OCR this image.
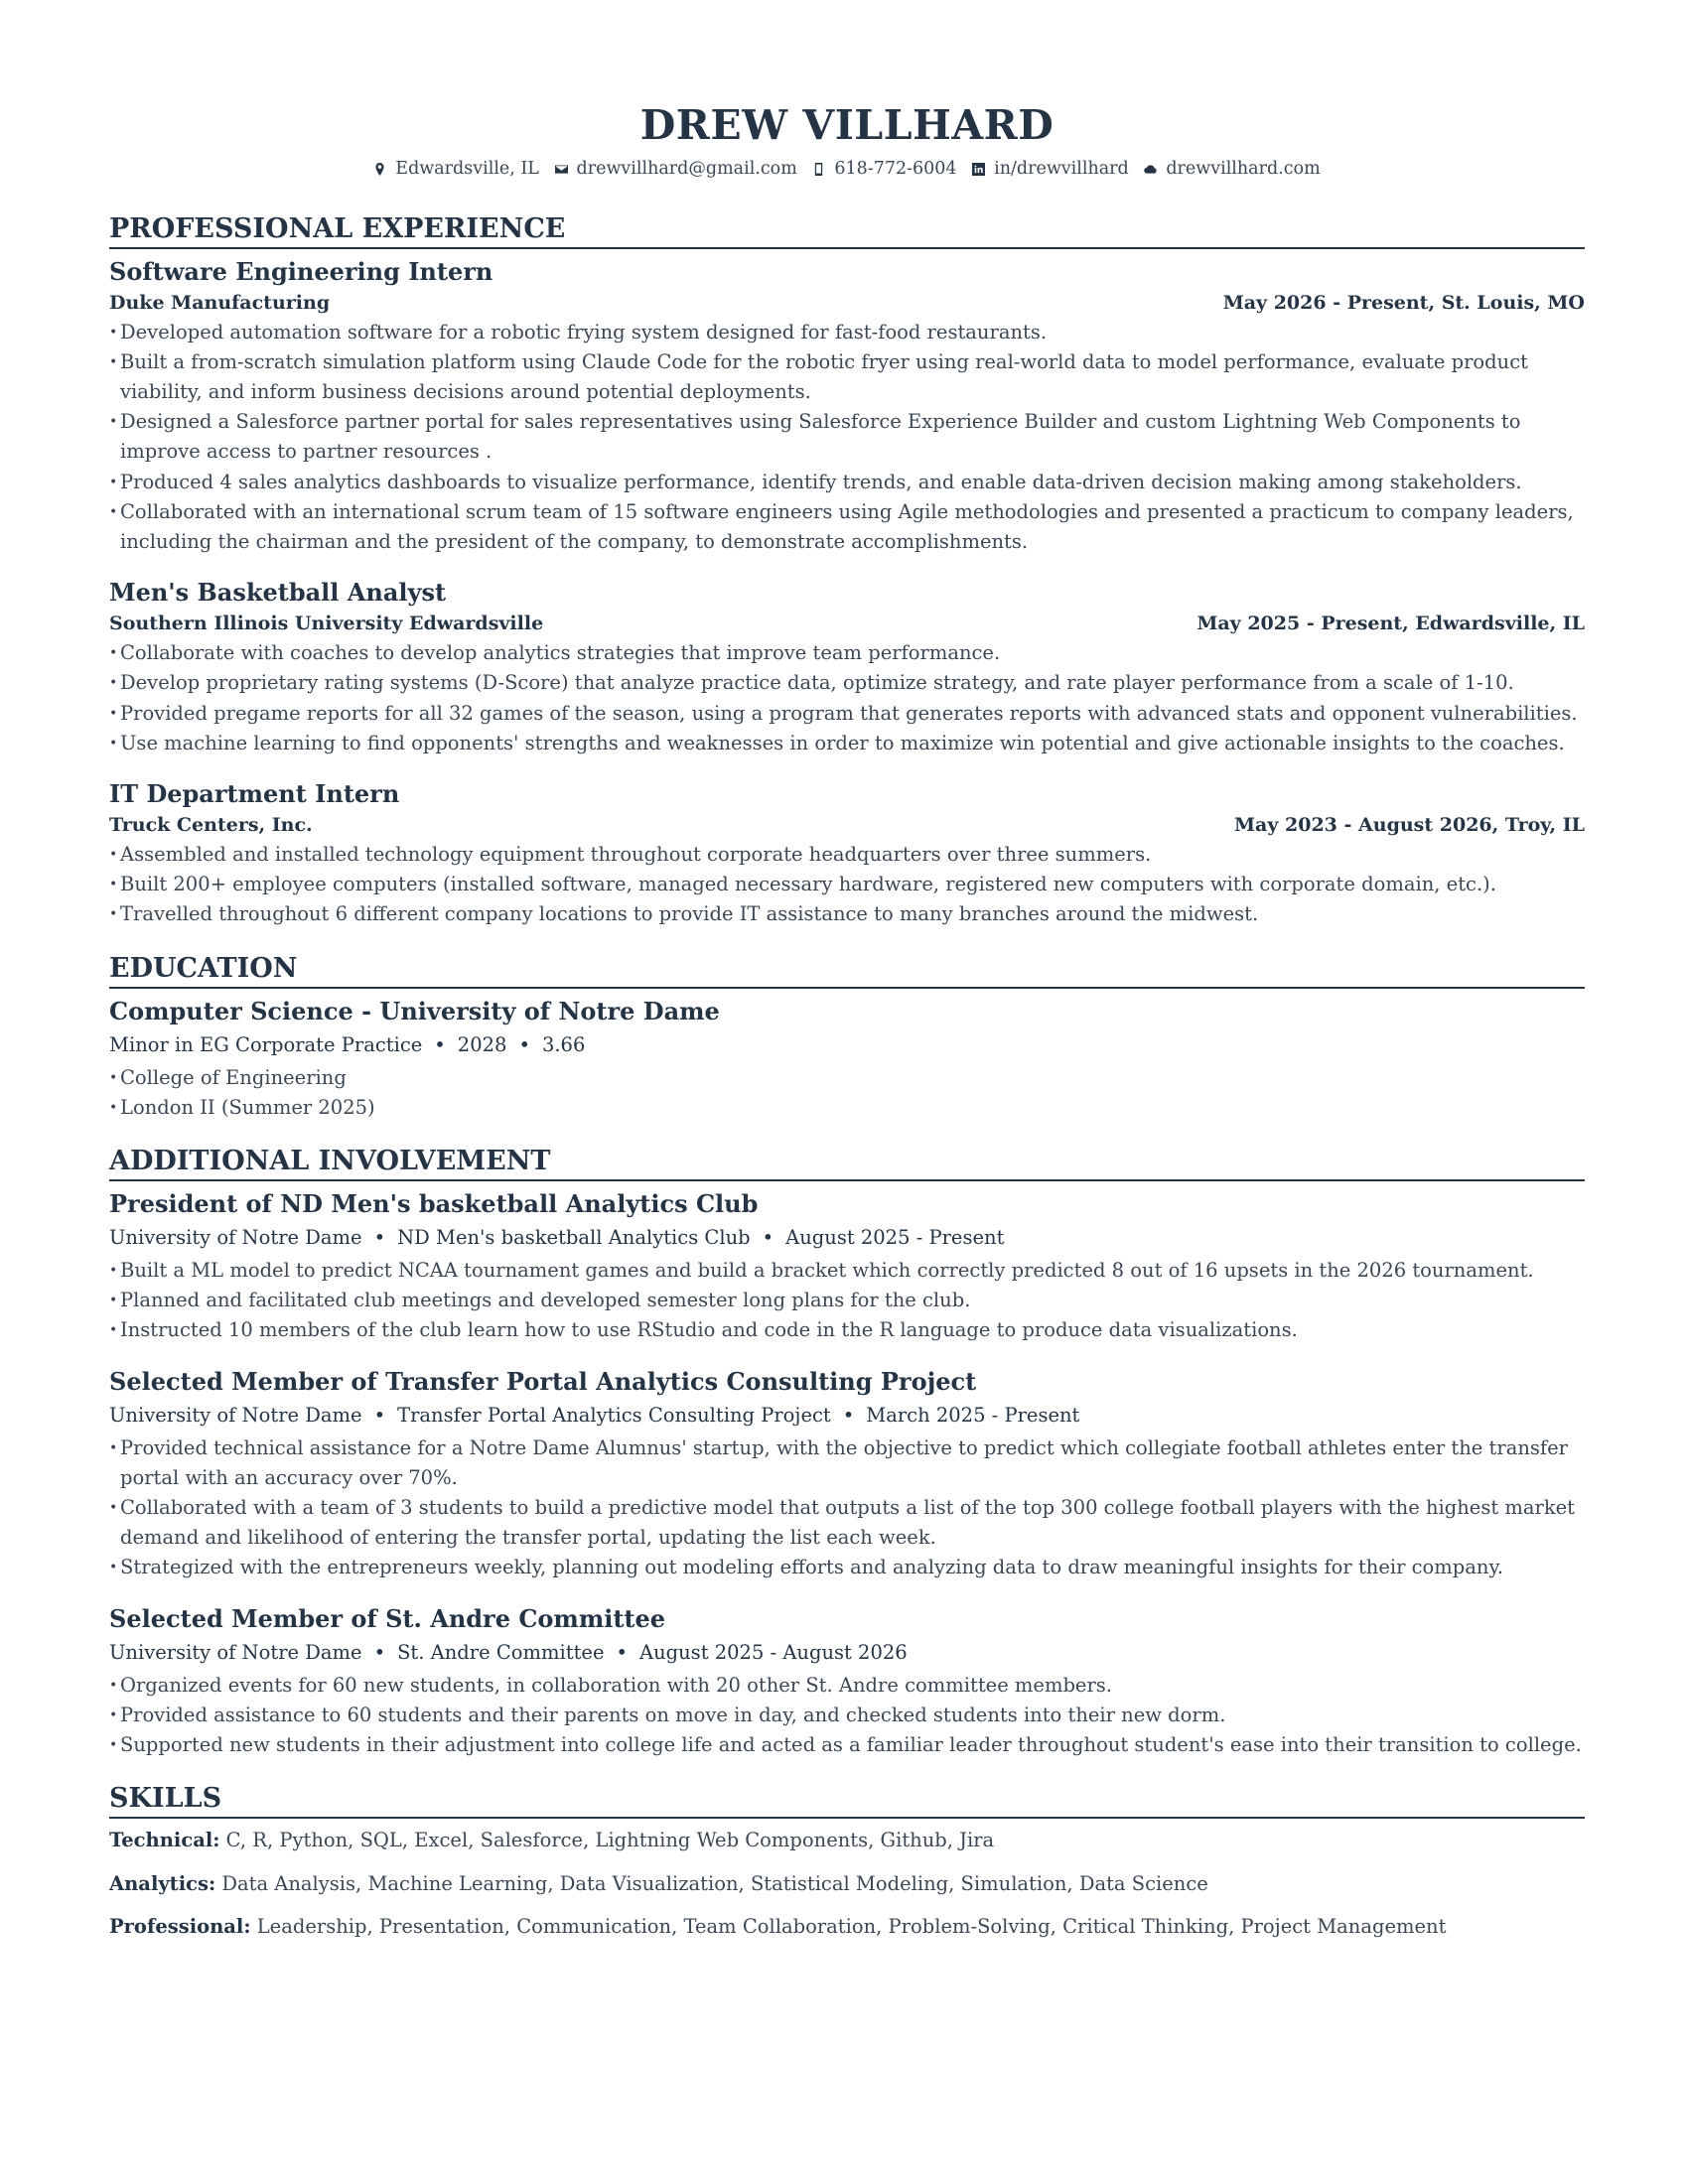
DREW VILLHARD
Edwardsville, IL
drewvillhard@gmail.com
618-772-6004
in/drewvillhard
drewvillhard.com
PROFESSIONAL EXPERIENCE
Software Engineering Intern
Duke Manufacturing	May 2026 - Present, St. Louis, MO
• Developed automation software for a robotic frying system designed for fast-food restaurants.
• Built a from-scratch simulation platform using Claude Code for the robotic fryer using real-world data to model performance, evaluate product viability, and inform business decisions around potential deployments.
• Designed a Salesforce partner portal for sales representatives using Salesforce Experience Builder and custom Lightning Web Components to improve access to partner resources .
• Produced 4 sales analytics dashboards to visualize performance, identify trends, and enable data-driven decision making among stakeholders.
• Collaborated with an international scrum team of 15 software engineers using Agile methodologies and presented a practicum to company leaders, including the chairman and the president of the company, to demonstrate accomplishments.
Men's Basketball Analyst
Southern Illinois University Edwardsville	May 2025 - Present, Edwardsville, IL
• Collaborate with coaches to develop analytics strategies that improve team performance.
• Develop proprietary rating systems (D-Score) that analyze practice data, optimize strategy, and rate player performance from a scale of 1-10.
• Provided pregame reports for all 32 games of the season, using a program that generates reports with advanced stats and opponent vulnerabilities.
• Use machine learning to find opponents' strengths and weaknesses in order to maximize win potential and give actionable insights to the coaches.
IT Department Intern
Truck Centers, Inc.	May 2023 - August 2026, Troy, IL
• Assembled and installed technology equipment throughout corporate headquarters over three summers.
• Built 200+ employee computers (installed software, managed necessary hardware, registered new computers with corporate domain, etc.).
• Travelled throughout 6 different company locations to provide IT assistance to many branches around the midwest.
EDUCATION
Computer Science - University of Notre Dame
Minor in EG Corporate Practice • 2028 • 3.66
• College of Engineering
• London II (Summer 2025)
ADDITIONAL INVOLVEMENT
President of ND Men's basketball Analytics Club
University of Notre Dame • ND Men's basketball Analytics Club • August 2025 - Present
• Built a ML model to predict NCAA tournament games and build a bracket which correctly predicted 8 out of 16 upsets in the 2026 tournament.
• Planned and facilitated club meetings and developed semester long plans for the club.
• Instructed 10 members of the club learn how to use RStudio and code in the R language to produce data visualizations.
Selected Member of Transfer Portal Analytics Consulting Project
University of Notre Dame • Transfer Portal Analytics Consulting Project • March 2025 - Present
• Provided technical assistance for a Notre Dame Alumnus' startup, with the objective to predict which collegiate football athletes enter the transfer portal with an accuracy over 70%.
• Collaborated with a team of 3 students to build a predictive model that outputs a list of the top 300 college football players with the highest market demand and likelihood of entering the transfer portal, updating the list each week.
• Strategized with the entrepreneurs weekly, planning out modeling efforts and analyzing data to draw meaningful insights for their company.
Selected Member of St. Andre Committee
University of Notre Dame • St. Andre Committee • August 2025 - August 2026
• Organized events for 60 new students, in collaboration with 20 other St. Andre committee members.
• Provided assistance to 60 students and their parents on move in day, and checked students into their new dorm.
• Supported new students in their adjustment into college life and acted as a familiar leader throughout student's ease into their transition to college.
SKILLS
Technical: C, R, Python, SQL, Excel, Salesforce, Lightning Web Components, Github, Jira
Analytics: Data Analysis, Machine Learning, Data Visualization, Statistical Modeling, Simulation, Data Science
Professional: Leadership, Presentation, Communication, Team Collaboration, Problem-Solving, Critical Thinking, Project Management
